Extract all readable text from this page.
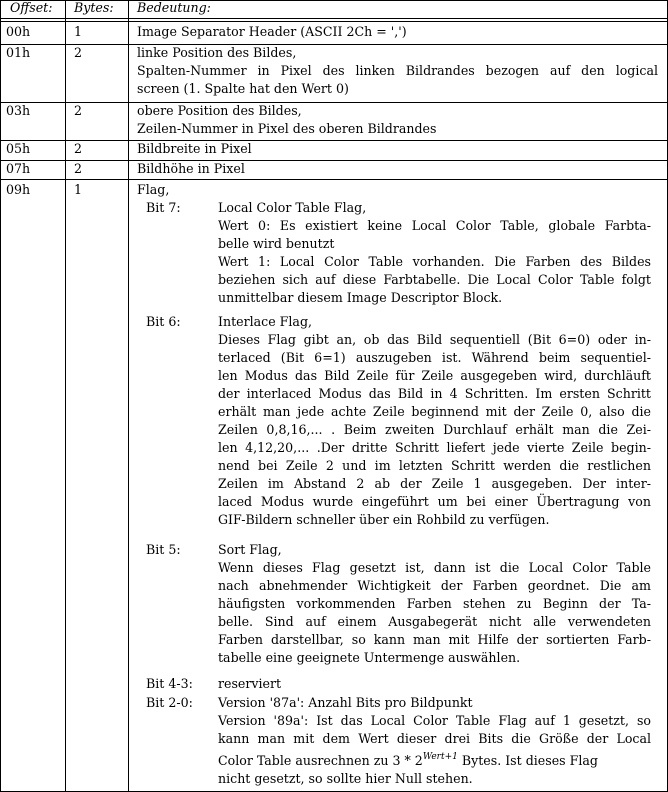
Offset: Bytes: Bedeutung:
00h	1	Image Separator Header (ASCII 2Ch = ',')
01h	2	linke Position des Bildes,
Spalten-Nummer in Pixel des linken Bildrandes bezogen auf den logical
screen (1. Spalte hat den Wert 0)
03h	2	obere Position des Bildes,
Zeilen-Nummer in Pixel des oberen Bildrandes
05h	2	Bildbreite in Pixel
07h	2	Bildhöhe in Pixel
09h	1	Flag,
Bit 7:	Local Color Table Flag,
Wert 0: Es existiert keine Local Color Table, globale Farbta-
belle wird benutzt
Wert 1: Local Color Table vorhanden. Die Farben des Bildes
beziehen sich auf diese Farbtabelle. Die Local Color Table folgt
unmittelbar diesem Image Descriptor Block.
Bit 6:	Interlace Flag,
Dieses Flag gibt an, ob das Bild sequentiell (Bit 6=0) oder in-
terlaced (Bit 6=1) auszugeben ist. Während beim sequentiel-
len Modus das Bild Zeile für Zeile ausgegeben wird, durchläuft
der interlaced Modus das Bild in 4 Schritten. Im ersten Schritt
erhält man jede achte Zeile beginnend mit der Zeile 0, also die
Zeilen 0,8,16,... . Beim zweiten Durchlauf erhält man die Zei-
len 4,12,20,... .Der dritte Schritt liefert jede vierte Zeile begin-
nend bei Zeile 2 und im letzten Schritt werden die restlichen
Zeilen im Abstand 2 ab der Zeile 1 ausgegeben. Der inter-
laced Modus wurde eingeführt um bei einer Übertragung von
GIF-Bildern schneller über ein Rohbild zu verfügen.
Bit 5:	Sort Flag,
Wenn dieses Flag gesetzt ist, dann ist die Local Color Table
nach abnehmender Wichtigkeit der Farben geordnet. Die am
häufigsten vorkommenden Farben stehen zu Beginn der Ta-
belle. Sind auf einem Ausgabegerät nicht alle verwendeten
Farben darstellbar, so kann man mit Hilfe der sortierten Farb-
tabelle eine geeignete Untermenge auswählen.
Bit 4-3: reserviert
Bit 2-0: Version '87a': Anzahl Bits pro Bildpunkt
Version '89a': Ist das Local Color Table Flag auf 1 gesetzt, so
kann man mit dem Wert dieser drei Bits die Größe der Local
Color Table ausrechnen zu $3 * 2^{Wert+1}$ Bytes. Ist dieses Flag
nicht gesetzt, so sollte hier Null stehen.
